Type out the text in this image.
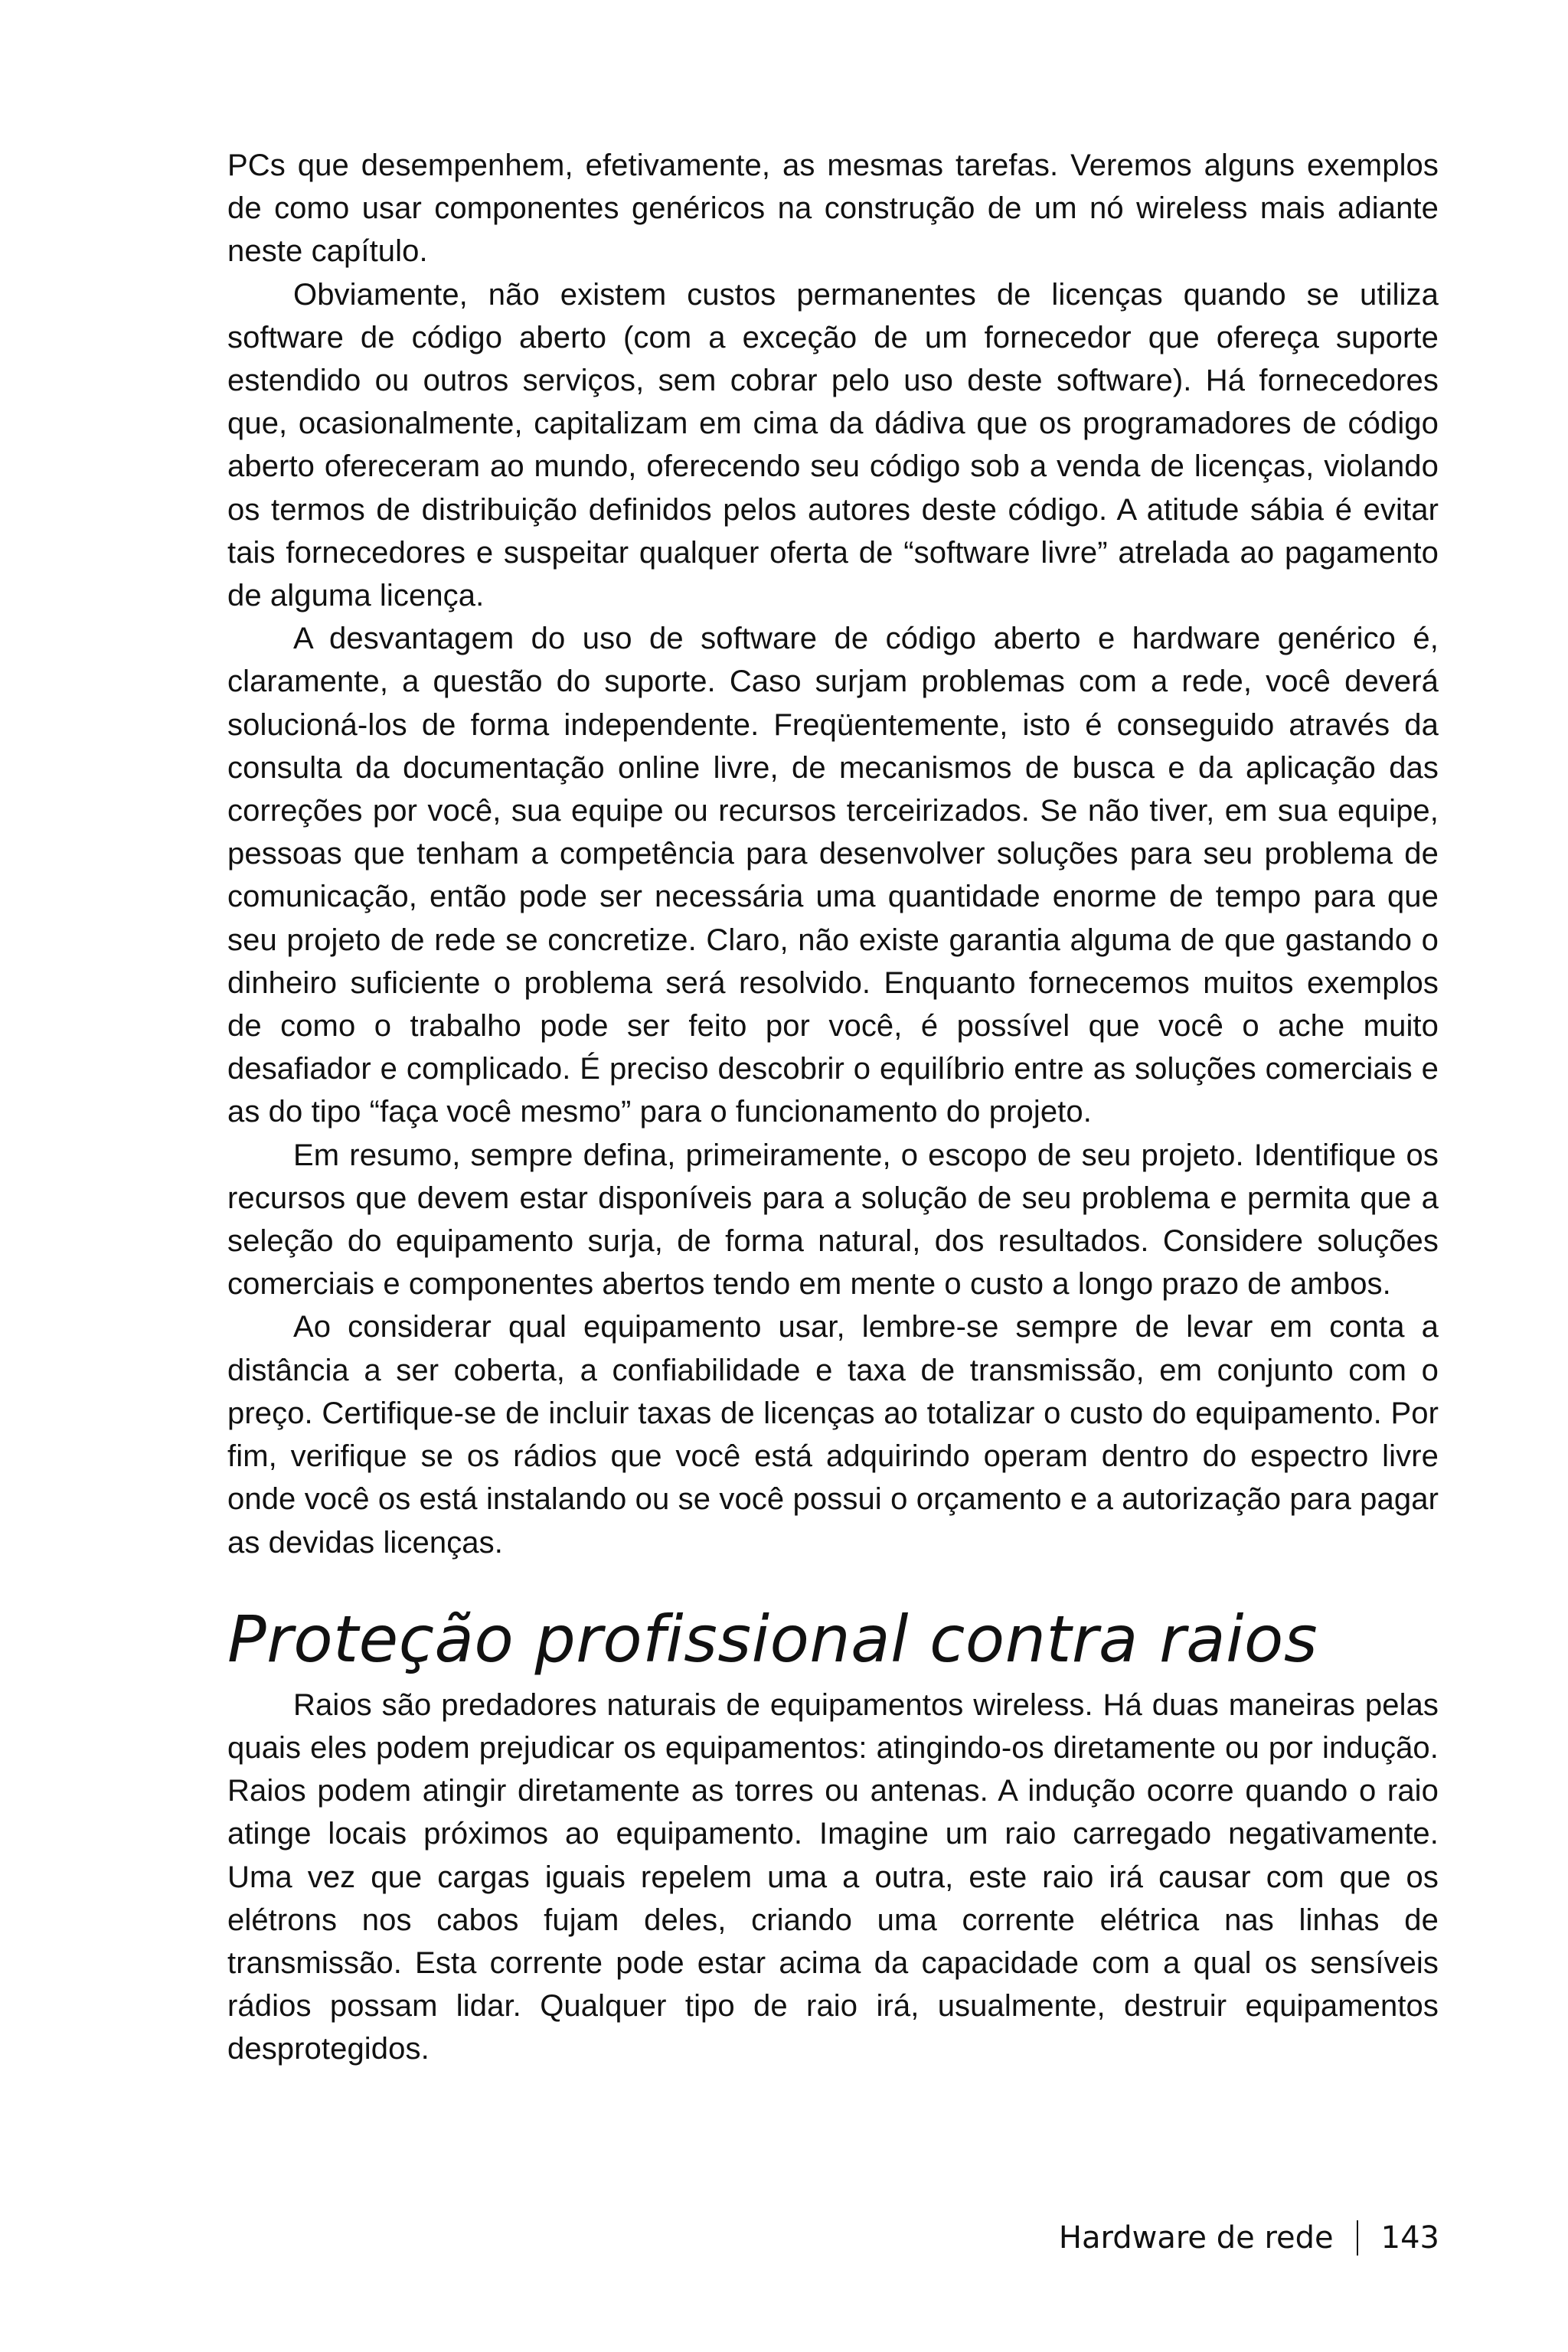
PCs que desempenhem, efetivamente, as mesmas tarefas. Veremos alguns exemplos de como usar componentes genéricos na construção de um nó wireless mais adiante neste capítulo.

Obviamente, não existem custos permanentes de licenças quando se utiliza software de código aberto (com a exceção de um fornecedor que ofereça suporte estendido ou outros serviços, sem cobrar pelo uso deste software). Há fornecedores que, ocasionalmente, capitalizam em cima da dádiva que os programadores de código aberto ofereceram ao mundo, oferecendo seu código sob a venda de licenças, violando os termos de distribuição definidos pelos autores deste código. A atitude sábia é evitar tais fornecedores e suspeitar qualquer oferta de “software livre” atrelada ao pagamento de alguma licença.

A desvantagem do uso de software de código aberto e hardware genérico é, claramente, a questão do suporte. Caso surjam problemas com a rede, você deverá solucioná-los de forma independente. Freqüentemente, isto é conseguido através da consulta da documentação online livre, de mecanismos de busca e da aplicação das correções por você, sua equipe ou recursos terceirizados. Se não tiver, em sua equipe, pessoas que tenham a competência para desenvolver soluções para seu problema de comunicação, então pode ser necessária uma quantidade enorme de tempo para que seu projeto de rede se concretize. Claro, não existe garantia alguma de que gastando o dinheiro suficiente o problema será resolvido. Enquanto fornecemos muitos exemplos de como o trabalho pode ser feito por você, é possível que você o ache muito desafiador e complicado. É preciso descobrir o equilíbrio entre as soluções comerciais e as do tipo “faça você mesmo” para o funcionamento do projeto.

Em resumo, sempre defina, primeiramente, o escopo de seu projeto. Identifique os recursos que devem estar disponíveis para a solução de seu problema e permita que a seleção do equipamento surja, de forma natural, dos resultados. Considere soluções comerciais e componentes abertos tendo em mente o custo a longo prazo de ambos.

Ao considerar qual equipamento usar, lembre-se sempre de levar em conta a distância a ser coberta, a confiabilidade e taxa de transmissão, em conjunto com o preço. Certifique-se de incluir taxas de licenças ao totalizar o custo do equipamento. Por fim, verifique se os rádios que você está adquirindo operam dentro do espectro livre onde você os está instalando ou se você possui o orçamento e a autorização para pagar as devidas licenças.

Proteção profissional contra raios

Raios são predadores naturais de equipamentos wireless. Há duas maneiras pelas quais eles podem prejudicar os equipamentos: atingindo-os diretamente ou por indução. Raios podem atingir diretamente as torres ou antenas. A indução ocorre quando o raio atinge locais próximos ao equipamento. Imagine um raio carregado negativamente. Uma vez que cargas iguais repelem uma a outra, este raio irá causar com que os elétrons nos cabos fujam deles, criando uma corrente elétrica nas linhas de transmissão. Esta corrente pode estar acima da capacidade com a qual os sensíveis rádios possam lidar. Qualquer tipo de raio irá, usualmente, destruir equipamentos desprotegidos.

Hardware de rede 143
